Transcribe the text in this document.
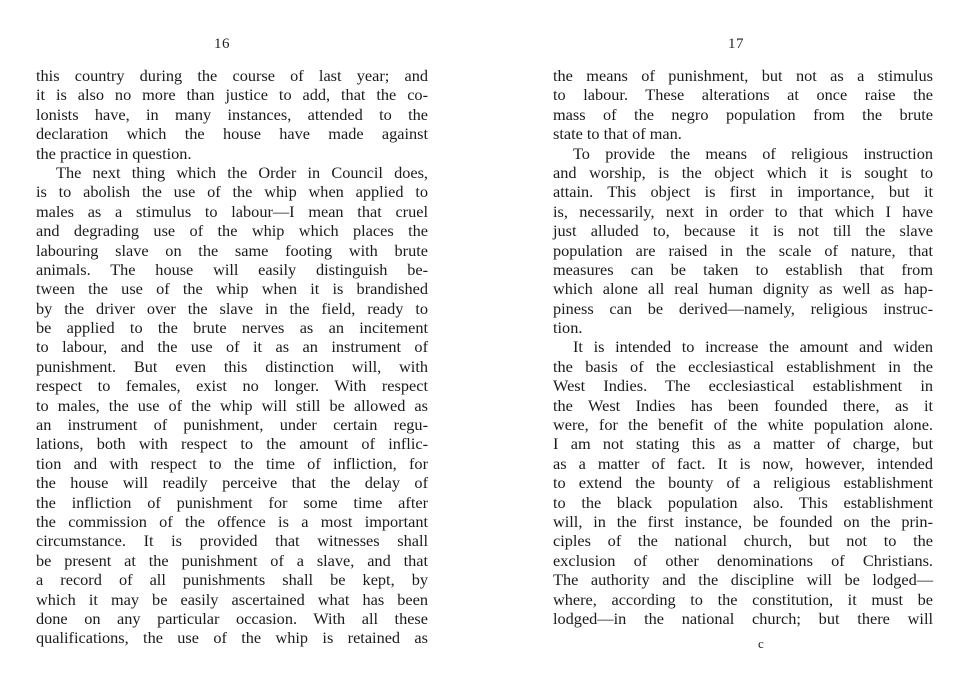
16
this country during the course of last year; and
it is also no more than justice to add, that the co-
lonists have, in many instances, attended to the
declaration which the house have made against
the practice in question.
The next thing which the Order in Council does,
is to abolish the use of the whip when applied to
males as a stimulus to labour—I mean that cruel
and degrading use of the whip which places the
labouring slave on the same footing with brute
animals. The house will easily distinguish be-
tween the use of the whip when it is brandished
by the driver over the slave in the field, ready to
be applied to the brute nerves as an incitement
to labour, and the use of it as an instrument of
punishment. But even this distinction will, with
respect to females, exist no longer. With respect
to males, the use of the whip will still be allowed as
an instrument of punishment, under certain regu-
lations, both with respect to the amount of inflic-
tion and with respect to the time of infliction, for
the house will readily perceive that the delay of
the infliction of punishment for some time after
the commission of the offence is a most important
circumstance. It is provided that witnesses shall
be present at the punishment of a slave, and that
a record of all punishments shall be kept, by
which it may be easily ascertained what has been
done on any particular occasion. With all these
qualifications, the use of the whip is retained as
17
the means of punishment, but not as a stimulus
to labour. These alterations at once raise the
mass of the negro population from the brute
state to that of man.
To provide the means of religious instruction
and worship, is the object which it is sought to
attain. This object is first in importance, but it
is, necessarily, next in order to that which I have
just alluded to, because it is not till the slave
population are raised in the scale of nature, that
measures can be taken to establish that from
which alone all real human dignity as well as hap-
piness can be derived—namely, religious instruc-
tion.
It is intended to increase the amount and widen
the basis of the ecclesiastical establishment in the
West Indies. The ecclesiastical establishment in
the West Indies has been founded there, as it
were, for the benefit of the white population alone.
I am not stating this as a matter of charge, but
as a matter of fact. It is now, however, intended
to extend the bounty of a religious establishment
to the black population also. This establishment
will, in the first instance, be founded on the prin-
ciples of the national church, but not to the
exclusion of other denominations of Christians.
The authority and the discipline will be lodged—
where, according to the constitution, it must be
lodged—in the national church; but there will
c
